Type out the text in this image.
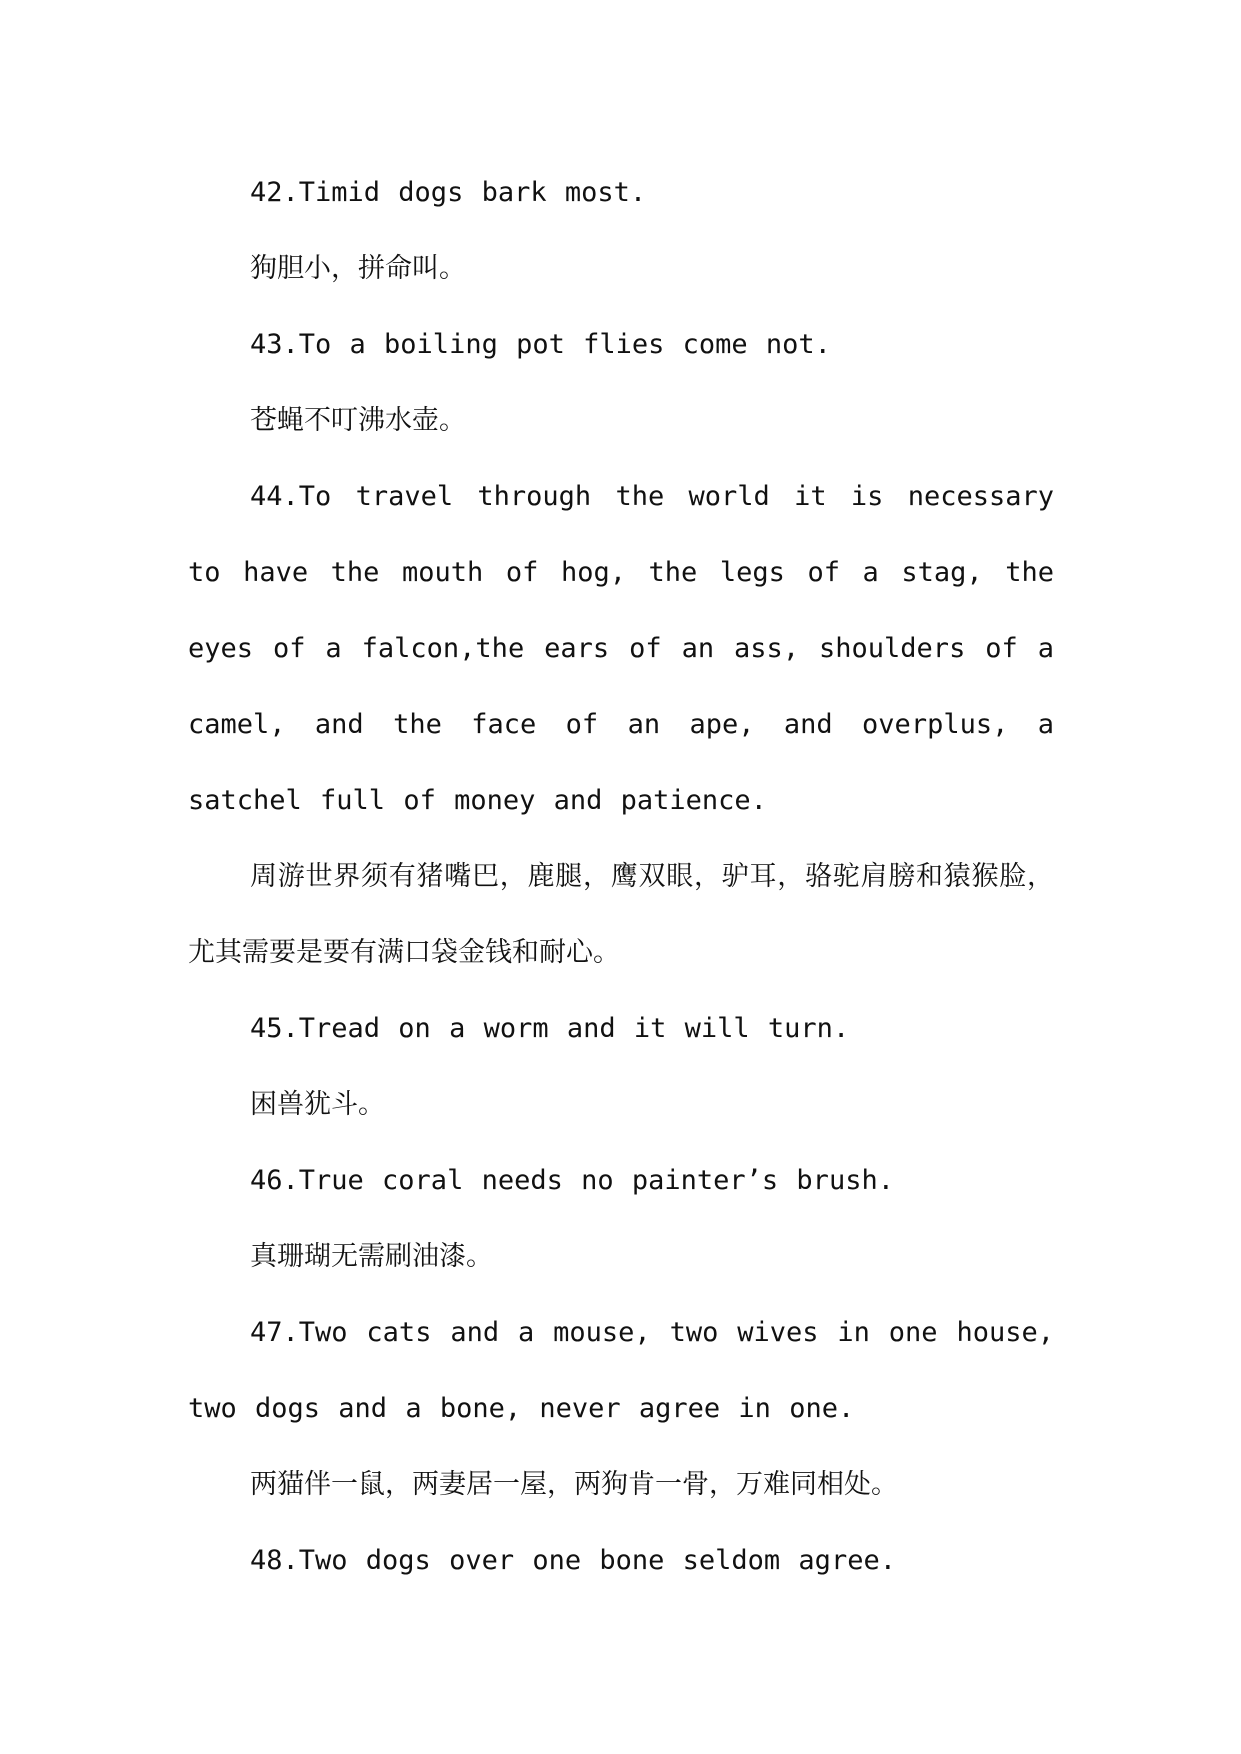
42.Timid dogs bark most.

狗胆小，拼命叫。

43.To a boiling pot flies come not.

苍蝇不叮沸水壶。

44.To travel through the world it is necessary to have the mouth of hog, the legs of a stag, the eyes of a falcon,the ears of an ass, shoulders of a camel, and the face of an ape, and overplus, a satchel full of money and patience.

周游世界须有猪嘴巴，鹿腿，鹰双眼，驴耳，骆驼肩膀和猿猴脸，尤其需要是要有满口袋金钱和耐心。

45.Tread on a worm and it will turn.

困兽犹斗。

46.True coral needs no painter’s brush.

真珊瑚无需刷油漆。

47.Two cats and a mouse, two wives in one house, two dogs and a bone, never agree in one.

两猫伴一鼠，两妻居一屋，两狗肯一骨，万难同相处。

48.Two dogs over one bone seldom agree.
